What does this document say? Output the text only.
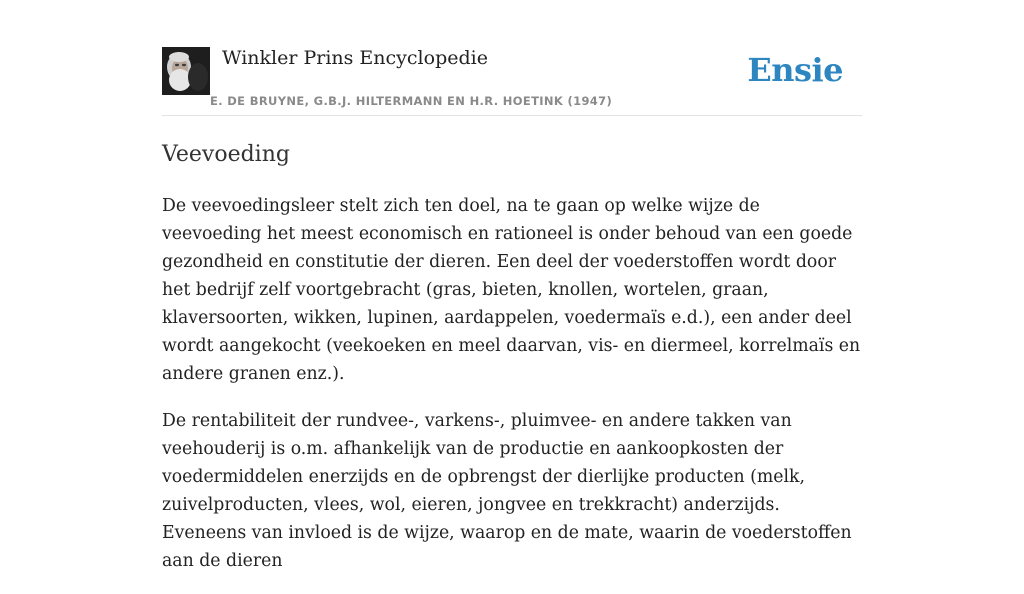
Winkler Prins Encyclopedie
E. DE BRUYNE, G.B.J. HILTERMANN EN H.R. HOETINK (1947)
Ensie
Veevoeding

De veevoedingsleer stelt zich ten doel, na te gaan op welke wijze de veevoeding het meest economisch en rationeel is onder behoud van een goede gezondheid en constitutie der dieren. Een deel der voederstoffen wordt door het bedrijf zelf voortgebracht (gras, bieten, knollen, wortelen, graan, klaversoorten, wikken, lupinen, aardappelen, voedermaïs e.d.), een ander deel wordt aangekocht (veekoeken en meel daarvan, vis- en diermeel, korrelmaïs en andere granen enz.).

De rentabiliteit der rundvee-, varkens-, pluimvee- en andere takken van veehouderij is o.m. afhankelijk van de productie en aankoopkosten der voedermiddelen enerzijds en de opbrengst der dierlijke producten (melk, zuivelproducten, vlees, wol, eieren, jongvee en trekkracht) anderzijds. Eveneens van invloed is de wijze, waarop en de mate, waarin de voederstoffen aan de dieren
